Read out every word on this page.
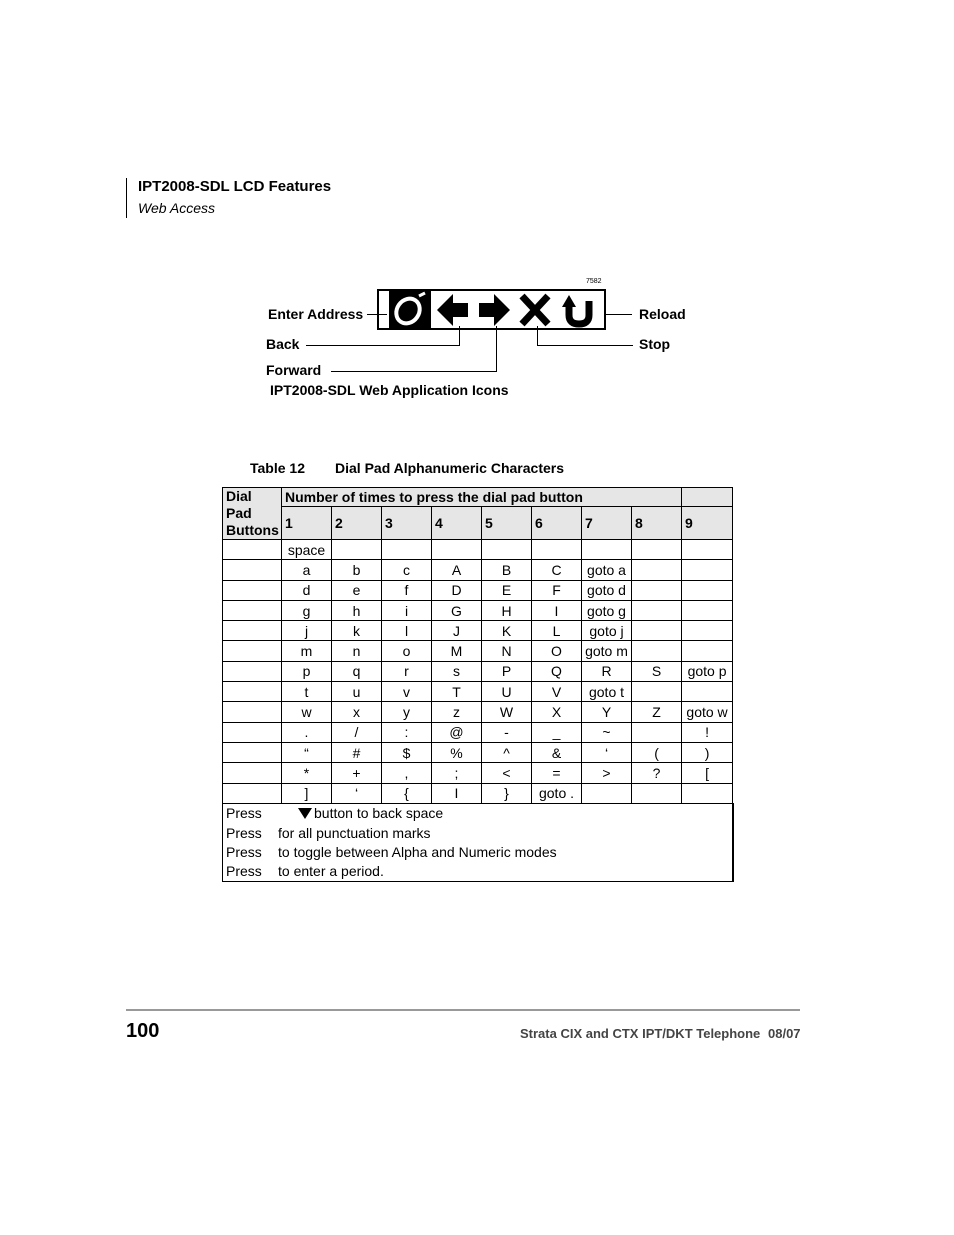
IPT2008-SDL LCD Features
Web Access
7582
Enter Address
Back
Forward
Reload
Stop
IPT2008-SDL Web Application Icons
Table 12 Dial Pad Alphanumeric Characters
Dial Pad Buttons	Number of times to press the dial pad button								
	1	2	3	4	5	6	7	8	9
	space								
	a	b	c	A	B	C	goto a		
	d	e	f	D	E	F	goto d		
	g	h	i	G	H	I	goto g		
	j	k	l	J	K	L	goto j		
	m	n	o	M	N	O	goto m		
	p	q	r	s	P	Q	R	S	goto p
	t	u	v	T	U	V	goto t		
	w	x	y	z	W	X	Y	Z	goto w
	.	/	:	@	-	_	~		!
	“	#	$	%	^	&	‘	(	)
	*	+	,	;	<	=	>	?	[
	]	‘	{	I	}	goto .			
Press button to back space									
Press for all punctuation marks									
Press to toggle between Alpha and Numeric modes									
Press to enter a period.									
100	Strata CIX and CTX IPT/DKT Telephone 08/07
